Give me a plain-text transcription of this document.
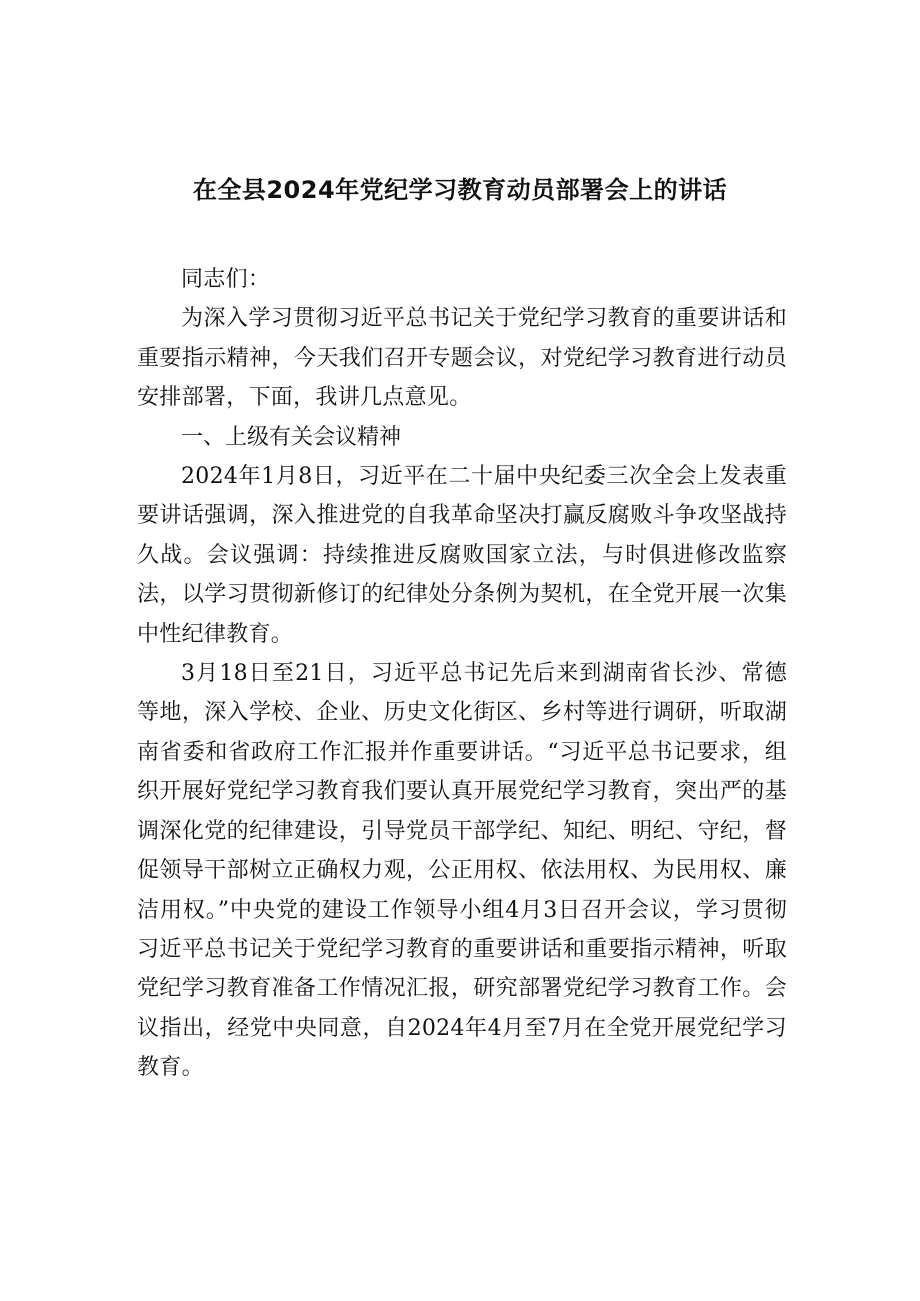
在全县2024年党纪学习教育动员部署会上的讲话

同志们：

为深入学习贯彻习近平总书记关于党纪学习教育的重要讲话和重要指示精神，今天我们召开专题会议，对党纪学习教育进行动员安排部署，下面，我讲几点意见。

一、上级有关会议精神

2024年1月8日，习近平在二十届中央纪委三次全会上发表重要讲话强调，深入推进党的自我革命坚决打赢反腐败斗争攻坚战持久战。会议强调：持续推进反腐败国家立法，与时俱进修改监察法，以学习贯彻新修订的纪律处分条例为契机，在全党开展一次集中性纪律教育。

3月18日至21日，习近平总书记先后来到湖南省长沙、常德等地，深入学校、企业、历史文化街区、乡村等进行调研，听取湖南省委和省政府工作汇报并作重要讲话。“习近平总书记要求，组织开展好党纪学习教育我们要认真开展党纪学习教育，突出严的基调深化党的纪律建设，引导党员干部学纪、知纪、明纪、守纪，督促领导干部树立正确权力观，公正用权、依法用权、为民用权、廉洁用权。”中央党的建设工作领导小组4月3日召开会议，学习贯彻习近平总书记关于党纪学习教育的重要讲话和重要指示精神，听取党纪学习教育准备工作情况汇报，研究部署党纪学习教育工作。会议指出，经党中央同意，自2024年4月至7月在全党开展党纪学习教育。
